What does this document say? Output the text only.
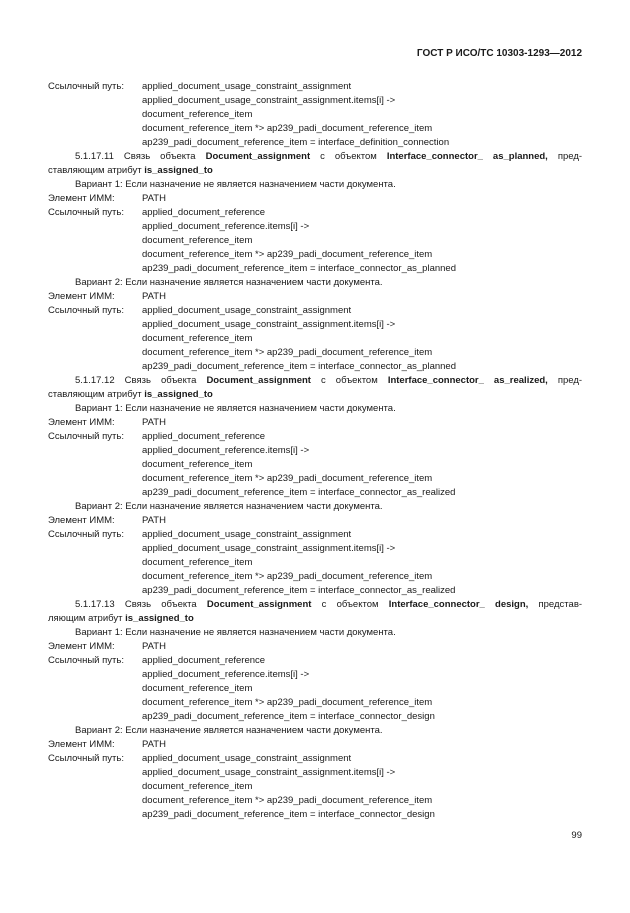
ГОСТ Р ИСО/ТС 10303-1293—2012
Ссылочный путь: applied_document_usage_constraint_assignment
applied_document_usage_constraint_assignment.items[i] ->
document_reference_item
document_reference_item *> ap239_padi_document_reference_item
ap239_padi_document_reference_item = interface_definition_connection
5.1.17.11 Связь объекта Document_assignment с объектом Interface_connector_ as_planned, пред-
ставляющим атрибут is_assigned_to
Вариант 1: Если назначение не является назначением части документа.
Элемент ИММ:	PATH
Ссылочный путь: applied_document_reference
applied_document_reference.items[i] ->
document_reference_item
document_reference_item *> ap239_padi_document_reference_item
ap239_padi_document_reference_item = interface_connector_as_planned
Вариант 2: Если назначение является назначением части документа.
Элемент ИММ:	PATH
Ссылочный путь: applied_document_usage_constraint_assignment
applied_document_usage_constraint_assignment.items[i] ->
document_reference_item
document_reference_item *> ap239_padi_document_reference_item
ap239_padi_document_reference_item = interface_connector_as_planned
5.1.17.12 Связь объекта Document_assignment с объектом Interface_connector_ as_realized, пред-
ставляющим атрибут is_assigned_to
Вариант 1: Если назначение не является назначением части документа.
Элемент ИММ:	PATH
Ссылочный путь: applied_document_reference
applied_document_reference.items[i] ->
document_reference_item
document_reference_item *> ap239_padi_document_reference_item
ap239_padi_document_reference_item = interface_connector_as_realized
Вариант 2: Если назначение является назначением части документа.
Элемент ИММ:	PATH
Ссылочный путь: applied_document_usage_constraint_assignment
applied_document_usage_constraint_assignment.items[i] ->
document_reference_item
document_reference_item *> ap239_padi_document_reference_item
ap239_padi_document_reference_item = interface_connector_as_realized
5.1.17.13 Связь объекта Document_assignment с объектом Interface_connector_ design, представ-
ляющим атрибут is_assigned_to
Вариант 1: Если назначение не является назначением части документа.
Элемент ИММ:	PATH
Ссылочный путь: applied_document_reference
applied_document_reference.items[i] ->
document_reference_item
document_reference_item *> ap239_padi_document_reference_item
ap239_padi_document_reference_item = interface_connector_design
Вариант 2: Если назначение является назначением части документа.
Элемент ИММ:	PATH
Ссылочный путь: applied_document_usage_constraint_assignment
applied_document_usage_constraint_assignment.items[i] ->
document_reference_item
document_reference_item *> ap239_padi_document_reference_item
ap239_padi_document_reference_item = interface_connector_design
99
